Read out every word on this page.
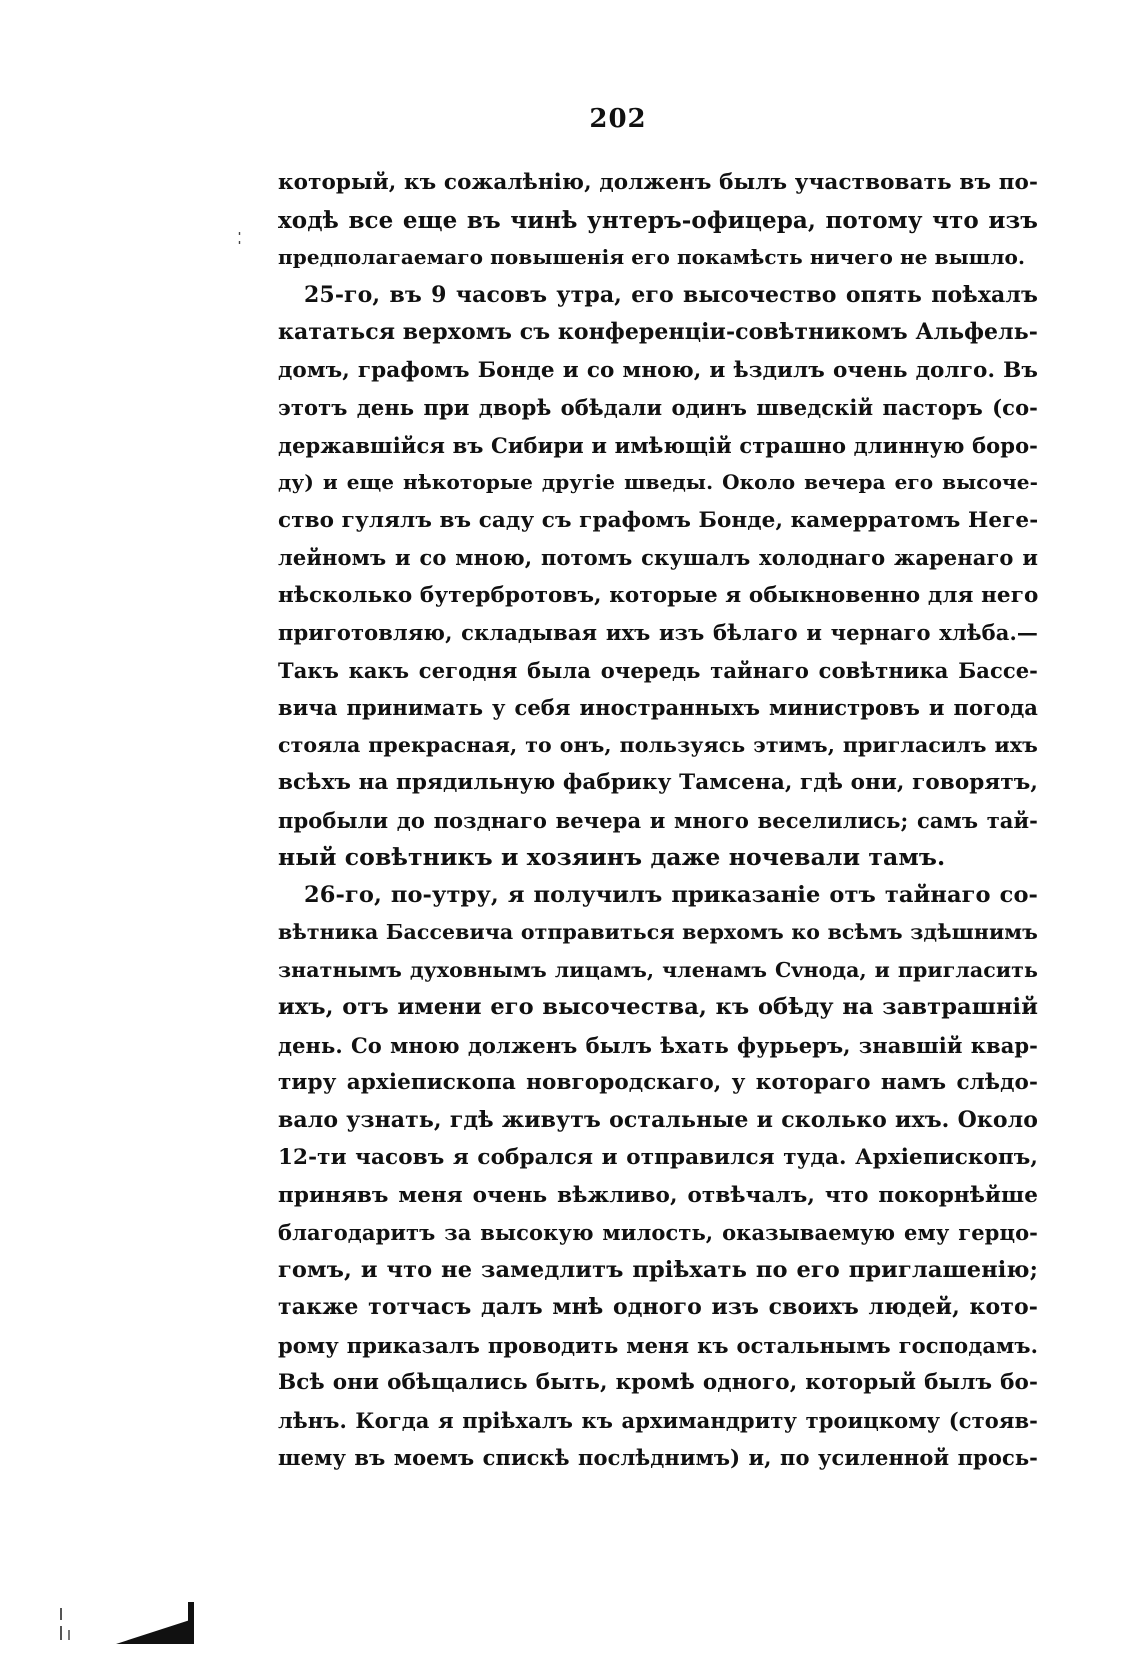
202
который, къ сожалѣнію, долженъ былъ участвовать въ по-
ходѣ все еще въ чинѣ унтеръ-офицера, потому что изъ
предполагаемаго повышенія его покамѣсть ничего не вышло.
25-го, въ 9 часовъ утра, его высочество опять поѣхалъ
кататься верхомъ съ конференціи-совѣтникомъ Альфель-
домъ, графомъ Бонде и со мною, и ѣздилъ очень долго. Въ
этотъ день при дворѣ обѣдали одинъ шведскій пасторъ (со-
державшійся въ Сибири и имѣющій страшно длинную боро-
ду) и еще нѣкоторые другіе шведы. Около вечера его высоче-
ство гулялъ въ саду съ графомъ Бонде, камерратомъ Неге-
лейномъ и со мною, потомъ скушалъ холоднаго жаренаго и
нѣсколько бутербротовъ, которые я обыкновенно для него
приготовляю, складывая ихъ изъ бѣлаго и чернаго хлѣба.—
Такъ какъ сегодня была очередь тайнаго совѣтника Бассе-
вича принимать у себя иностранныхъ министровъ и погода
стояла прекрасная, то онъ, пользуясь этимъ, пригласилъ ихъ
всѣхъ на прядильную фабрику Тамсена, гдѣ они, говорятъ,
пробыли до позднаго вечера и много веселились; самъ тай-
ный совѣтникъ и хозяинъ даже ночевали тамъ.
26-го, по-утру, я получилъ приказаніе отъ тайнаго со-
вѣтника Бассевича отправиться верхомъ ко всѣмъ здѣшнимъ
знатнымъ духовнымъ лицамъ, членамъ Сvнода, и пригласить
ихъ, отъ имени его высочества, къ обѣду на завтрашній
день. Со мною долженъ былъ ѣхать фурьеръ, знавшій квар-
тиру архіепископа новгородскаго, у котораго намъ слѣдо-
вало узнать, гдѣ живутъ остальные и сколько ихъ. Около
12-ти часовъ я собрался и отправился туда. Архіепископъ,
принявъ меня очень вѣжливо, отвѣчалъ, что покорнѣйше
благодаритъ за высокую милость, оказываемую ему герцо-
гомъ, и что не замедлитъ пріѣхать по его приглашенію;
также тотчасъ далъ мнѣ одного изъ своихъ людей, кото-
рому приказалъ проводить меня къ остальнымъ господамъ.
Всѣ они обѣщались быть, кромѣ одного, который былъ бо-
лѣнъ. Когда я пріѣхалъ къ архимандриту троицкому (стояв-
шему въ моемъ спискѣ послѣднимъ) и, по усиленной прось-
